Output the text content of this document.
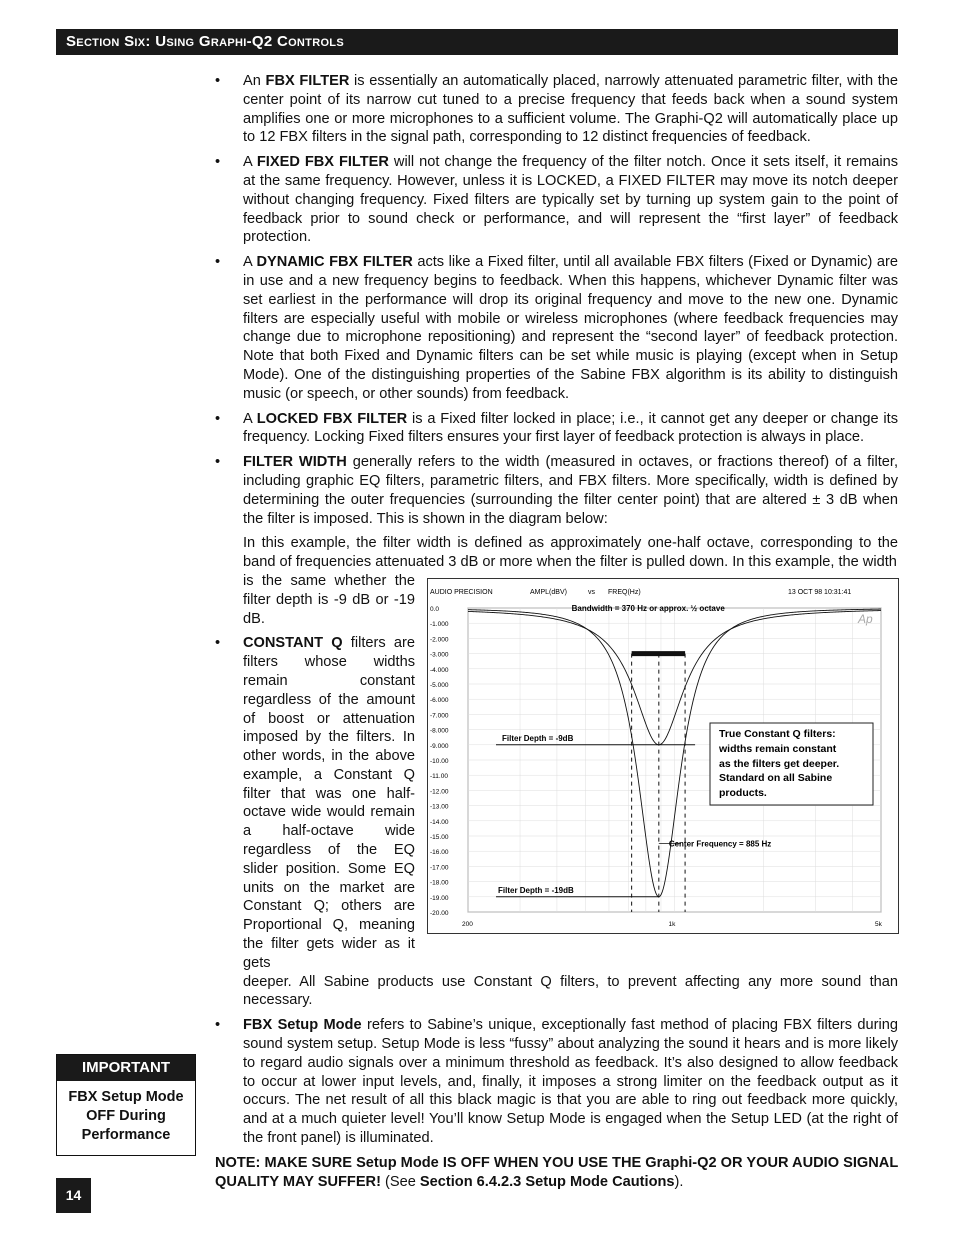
Section Six: Using Graphi-Q2 Controls
• An FBX FILTER is essentially an automatically placed, narrowly attenuated parametric filter, with the center point of its narrow cut tuned to a precise frequency that feeds back when a sound system amplifies one or more microphones to a sufficient volume. The Graphi-Q2 will automatically place up to 12 FBX filters in the signal path, corresponding to 12 distinct frequencies of feedback.
• A FIXED FBX FILTER will not change the frequency of the filter notch. Once it sets itself, it remains at the same frequency. However, unless it is LOCKED, a FIXED FILTER may move its notch deeper without changing frequency. Fixed filters are typically set by turning up system gain to the point of feedback prior to sound check or performance, and will represent the “first layer” of feedback protection.
• A DYNAMIC FBX FILTER acts like a Fixed filter, until all available FBX filters (Fixed or Dynamic) are in use and a new frequency begins to feedback. When this happens, whichever Dynamic filter was set earliest in the performance will drop its original frequency and move to the new one. Dynamic filters are especially useful with mobile or wireless microphones (where feedback frequencies may change due to microphone repositioning) and represent the “second layer” of feedback protection. Note that both Fixed and Dynamic filters can be set while music is playing (except when in Setup Mode). One of the distinguishing properties of the Sabine FBX algorithm is its ability to distinguish music (or speech, or other sounds) from feedback.
• A LOCKED FBX FILTER is a Fixed filter locked in place; i.e., it cannot get any deeper or change its frequency. Locking Fixed filters ensures your first layer of feedback protection is always in place.
• FILTER WIDTH generally refers to the width (measured in octaves, or fractions thereof) of a filter, including graphic EQ filters, parametric filters, and FBX filters. More specifically, width is defined by determining the outer frequencies (surrounding the filter center point) that are altered ± 3 dB when the filter is imposed. This is shown in the diagram below:
In this example, the filter width is defined as approximately one-half octave, corresponding to the band of frequencies attenuated 3 dB or more when the filter is pulled down. In this example, the width
is the same whether the filter depth is -9 dB or -19 dB.
• CONSTANT Q filters are filters whose widths remain constant regardless of the amount of boost or attenuation imposed by the filters. In other words, in the above example, a Constant Q filter that was one half-octave wide would remain a half-octave wide regardless of the EQ slider position. Some EQ units on the market are Constant Q; others are Proportional Q, meaning the filter gets wider as it gets
deeper. All Sabine products use Constant Q filters, to prevent affecting any more sound than necessary.
• FBX Setup Mode refers to Sabine’s unique, exceptionally fast method of placing FBX filters during sound system setup. Setup Mode is less “fussy” about analyzing the sound it hears and is more likely to regard audio signals over a minimum threshold as feedback. It’s also designed to allow feedback to occur at lower input levels, and, finally, it imposes a strong limiter on the feedback output as it occurs. The net result of all this black magic is that you are able to ring out feedback more quickly, and at a much quieter level! You’ll know Setup Mode is engaged when the Setup LED (at the right of the front panel) is illuminated.
NOTE: MAKE SURE Setup Mode IS OFF WHEN YOU USE THE Graphi-Q2 OR YOUR AUDIO SIGNAL QUALITY MAY SUFFER! (See Section 6.4.2.3 Setup Mode Cautions).
AUDIO PRECISION	AMPL(dBV)	vs FREQ(Hz)	13 OCT 98 10:31:41
Ap
0.0
-1.000
-2.000
-3.000
-4.000
-5.000
-6.000
-7.000
-8.000
-9.000
-10.00
-11.00
-12.00
-13.00
-14.00
-15.00
-16.00
-17.00
-18.00
-19.00
-20.00
200	1k	5k
Bandwidth = 370 Hz or approx. ½ octave
Filter Depth = -9dB
Filter Depth = -19dB
Center Frequency = 885 Hz
True Constant Q filters:
widths remain constant
as the filters get deeper.
Standard on all Sabine
products.
IMPORTANT
FBX Setup Mode OFF During Performance
14
